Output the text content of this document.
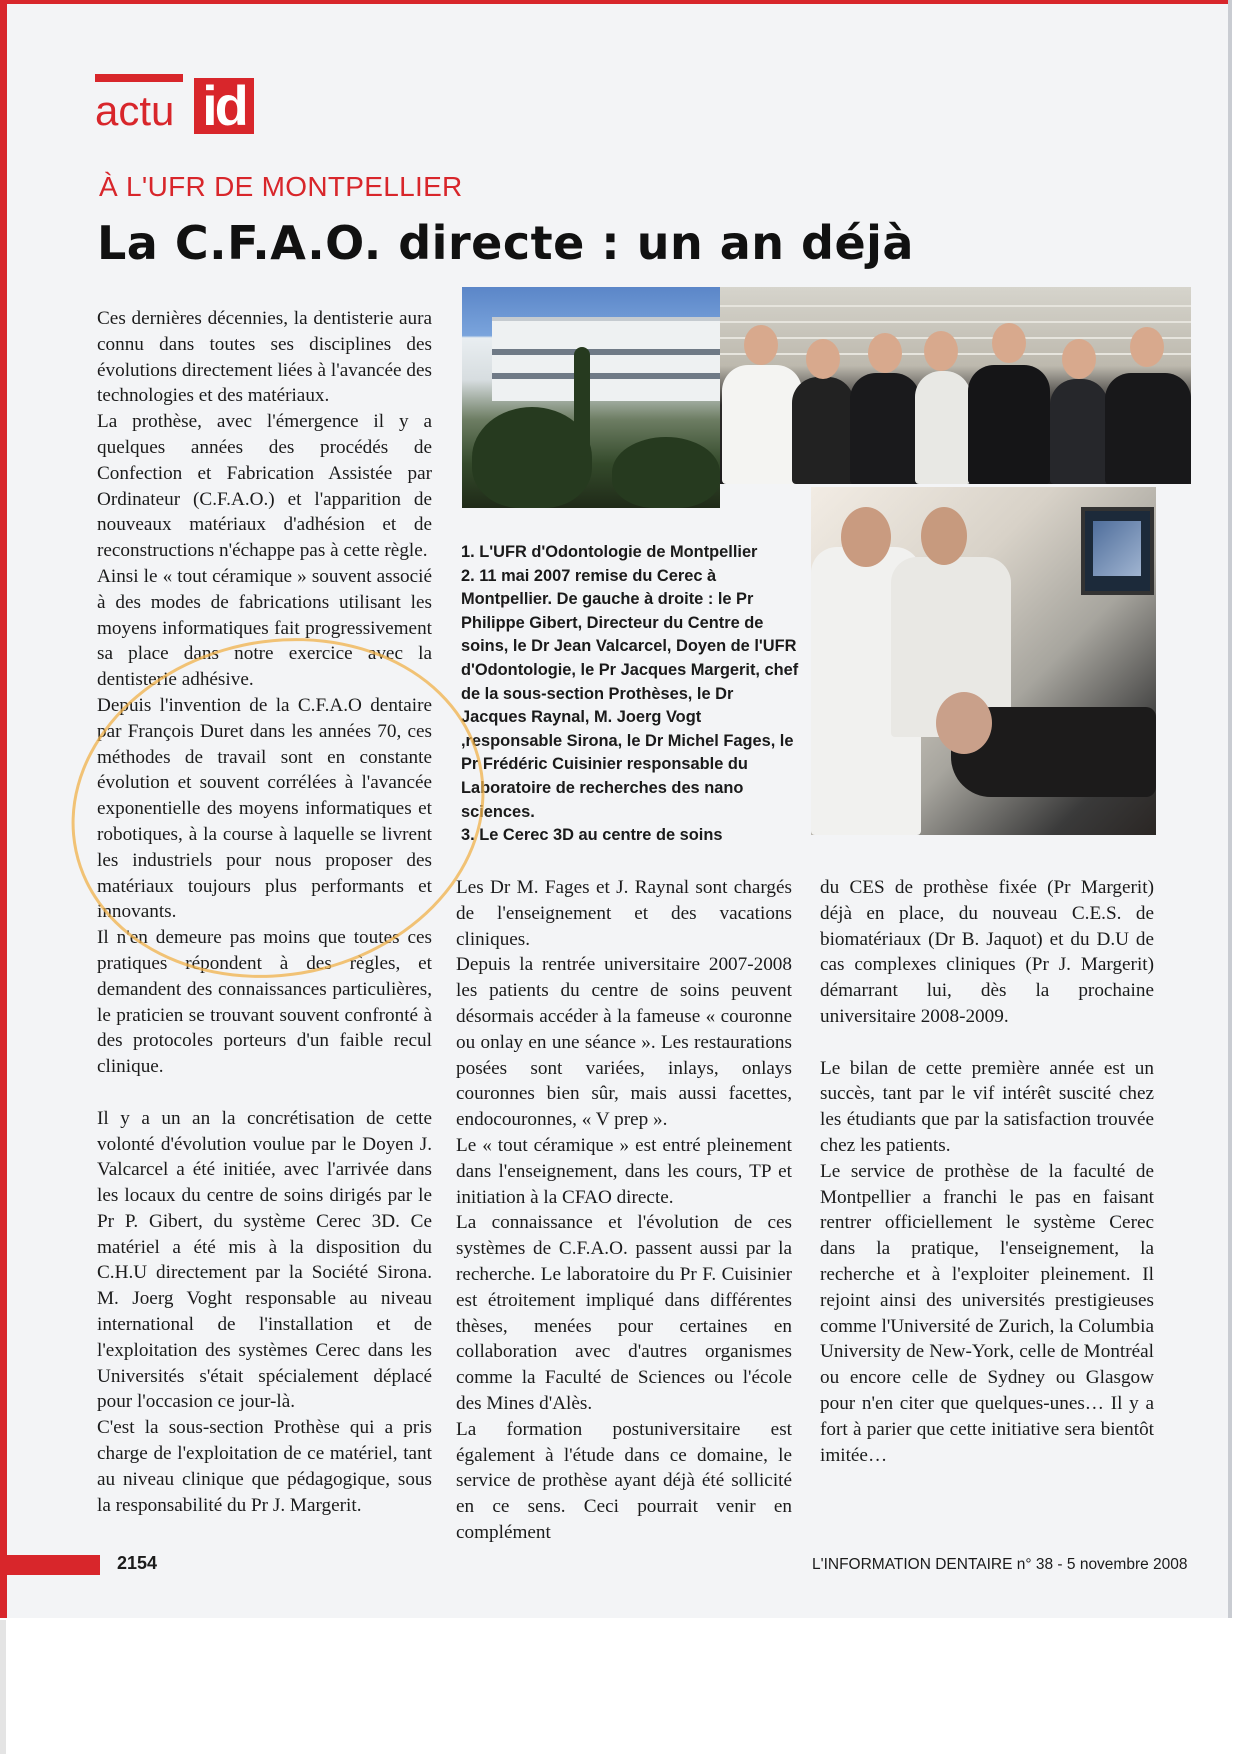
actu id
À L'UFR DE MONTPELLIER
La C.F.A.O. directe : un an déjà

1. L'UFR d'Odontologie de Montpellier

2. 11 mai 2007 remise du Cerec à Montpellier. De gauche à droite : le Pr Philippe Gibert, Directeur du Centre de soins, le Dr Jean Valcarcel, Doyen de l'UFR d'Odontologie, le Pr Jacques Margerit, chef de la sous-section Prothèses, le Dr Jacques Raynal, M. Joerg Vogt ,responsable Sirona, le Dr Michel Fages, le Pr Frédéric Cuisinier responsable du Laboratoire de recherches des nano sciences.

3. Le Cerec 3D au centre de soins

Ces dernières décennies, la dentisterie aura connu dans toutes ses disciplines des évolutions directement liées à l'avancée des technologies et des matériaux.

La prothèse, avec l'émergence il y a quelques années des procédés de Confection et Fabrication Assistée par Ordinateur (C.F.A.O.) et l'apparition de nouveaux matériaux d'adhésion et de reconstructions n'échappe pas à cette règle.

Ainsi le « tout céramique » souvent associé à des modes de fabrications utilisant les moyens informatiques fait progressivement sa place dans notre exercice avec la dentisterie adhésive.

Depuis l'invention de la C.F.A.O dentaire par François Duret dans les années 70, ces méthodes de travail sont en constante évolution et souvent corrélées à l'avancée exponentielle des moyens informatiques et robotiques, à la course à laquelle se livrent les industriels pour nous proposer des matériaux toujours plus performants et innovants.

Il n'en demeure pas moins que toutes ces pratiques répondent à des règles, et demandent des connaissances particulières, le praticien se trouvant souvent confronté à des protocoles porteurs d'un faible recul clinique.

Il y a un an la concrétisation de cette volonté d'évolution voulue par le Doyen J. Valcarcel a été initiée, avec l'arrivée dans les locaux du centre de soins dirigés par le Pr P. Gibert, du système Cerec 3D. Ce matériel a été mis à la disposition du C.H.U directement par la Société Sirona. M. Joerg Voght responsable au niveau international de l'installation et de l'exploitation des systèmes Cerec dans les Universités s'était spécialement déplacé pour l'occasion ce jour-là.

C'est la sous-section Prothèse qui a pris charge de l'exploitation de ce matériel, tant au niveau clinique que pédagogique, sous la responsabilité du Pr J. Margerit.

Les Dr M. Fages et J. Raynal sont chargés de l'enseignement et des vacations cliniques.

Depuis la rentrée universitaire 2007-2008 les patients du centre de soins peuvent désormais accéder à la fameuse « couronne ou onlay en une séance ». Les restaurations posées sont variées, inlays, onlays couronnes bien sûr, mais aussi facettes, endocouronnes, « V prep ».

Le « tout céramique » est entré pleinement dans l'enseignement, dans les cours, TP et initiation à la CFAO directe.

La connaissance et l'évolution de ces systèmes de C.F.A.O. passent aussi par la recherche. Le laboratoire du Pr F. Cuisinier est étroitement impliqué dans différentes thèses, menées pour certaines en collaboration avec d'autres organismes comme la Faculté de Sciences ou l'école des Mines d'Alès.

La formation postuniversitaire est également à l'étude dans ce domaine, le service de prothèse ayant déjà été sollicité en ce sens. Ceci pourrait venir en complément

du CES de prothèse fixée (Pr Margerit) déjà en place, du nouveau C.E.S. de biomatériaux (Dr B. Jaquot) et du D.U de cas complexes cliniques (Pr J. Margerit) démarrant lui, dès la prochaine universitaire 2008-2009.

Le bilan de cette première année est un succès, tant par le vif intérêt suscité chez les étudiants que par la satisfaction trouvée chez les patients.

Le service de prothèse de la faculté de Montpellier a franchi le pas en faisant rentrer officiellement le système Cerec dans la pratique, l'enseignement, la recherche et à l'exploiter pleinement. Il rejoint ainsi des universités prestigieuses comme l'Université de Zurich, la Columbia University de New-York, celle de Montréal ou encore celle de Sydney ou Glasgow pour n'en citer que quelques-unes… Il y a fort à parier que cette initiative sera bientôt imitée…

2154	L'INFORMATION DENTAIRE n° 38 - 5 novembre 2008
